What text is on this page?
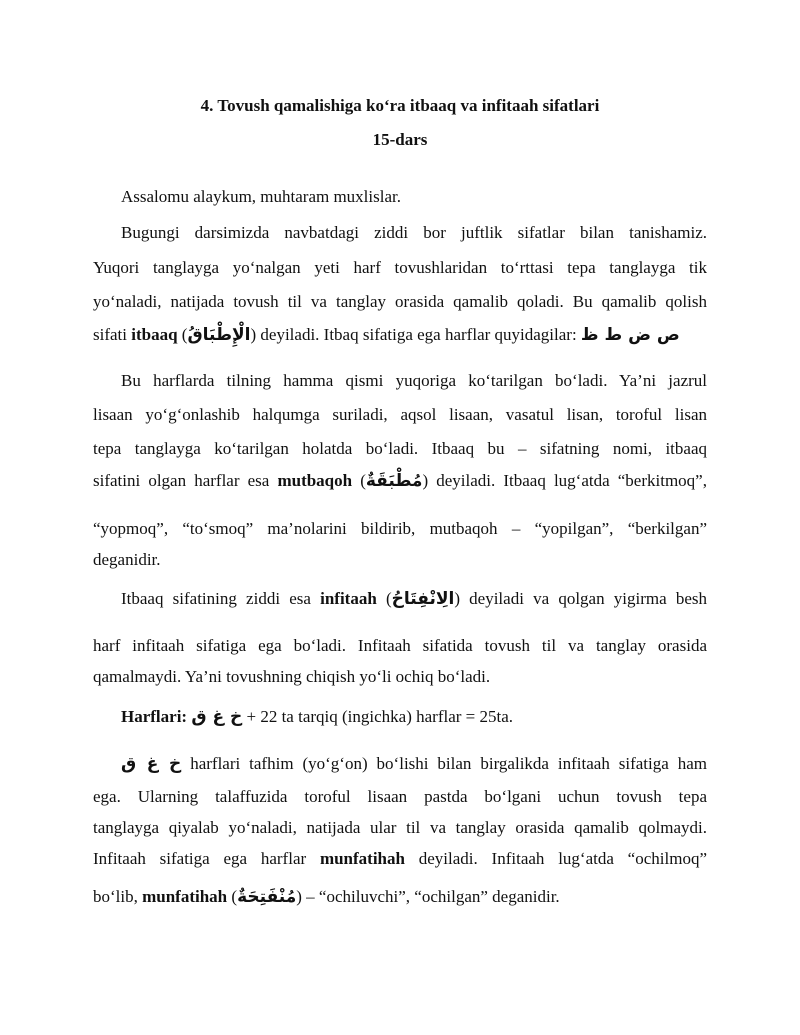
4. Tovush qamalishiga ko‘ra itbaaq va infitaah sifatlari
15-dars
Assalomu alaykum, muhtaram muxlislar.
Bugungi darsimizda navbatdagi ziddi bor juftlik sifatlar bilan tanishamiz.
Yuqori tanglayga yo‘nalgan yeti harf tovushlaridan to‘rttasi tepa tanglayga tik
yo‘naladi, natijada tovush til va tanglay orasida qamalib qoladi. Bu qamalib qolish
sifati itbaaq (الْإِطْبَاقُ) deyiladi. Itbaq sifatiga ega harflar quyidagilar: ص ض ط ظ
Bu harflarda tilning hamma qismi yuqoriga ko‘tarilgan bo‘ladi. Ya’ni jazrul
lisaan yo‘g‘onlashib halqumga suriladi, aqsol lisaan, vasatul lisan, toroful lisan
tepa tanglayga ko‘tarilgan holatda bo‘ladi. Itbaaq bu – sifatning nomi, itbaaq
sifatini olgan harflar esa mutbaqoh (مُطْبَقَةٌ) deyiladi. Itbaaq lug‘atda “berkitmoq”,
“yopmoq”, “to‘smoq” ma’nolarini bildirib, mutbaqoh – “yopilgan”, “berkilgan”
deganidir.
Itbaaq sifatining ziddi esa infitaah (الِانْفِتَاحُ) deyiladi va qolgan yigirma besh
harf infitaah sifatiga ega bo‘ladi. Infitaah sifatida tovush til va tanglay orasida
qamalmaydi. Ya’ni tovushning chiqish yo‘li ochiq bo‘ladi.
Harflari: خ غ ق + 22 ta tarqiq (ingichka) harflar = 25ta.
خ غ ق harflari tafhim (yo‘g‘on) bo‘lishi bilan birgalikda infitaah sifatiga ham
ega. Ularning talaffuzida toroful lisaan pastda bo‘lgani uchun tovush tepa
tanglayga qiyalab yo‘naladi, natijada ular til va tanglay orasida qamalib qolmaydi.
Infitaah sifatiga ega harflar munfatihah deyiladi. Infitaah lug‘atda “ochilmoq”
bo‘lib, munfatihah (مُنْفَتِحَةٌ) – “ochiluvchi”, “ochilgan” deganidir.
